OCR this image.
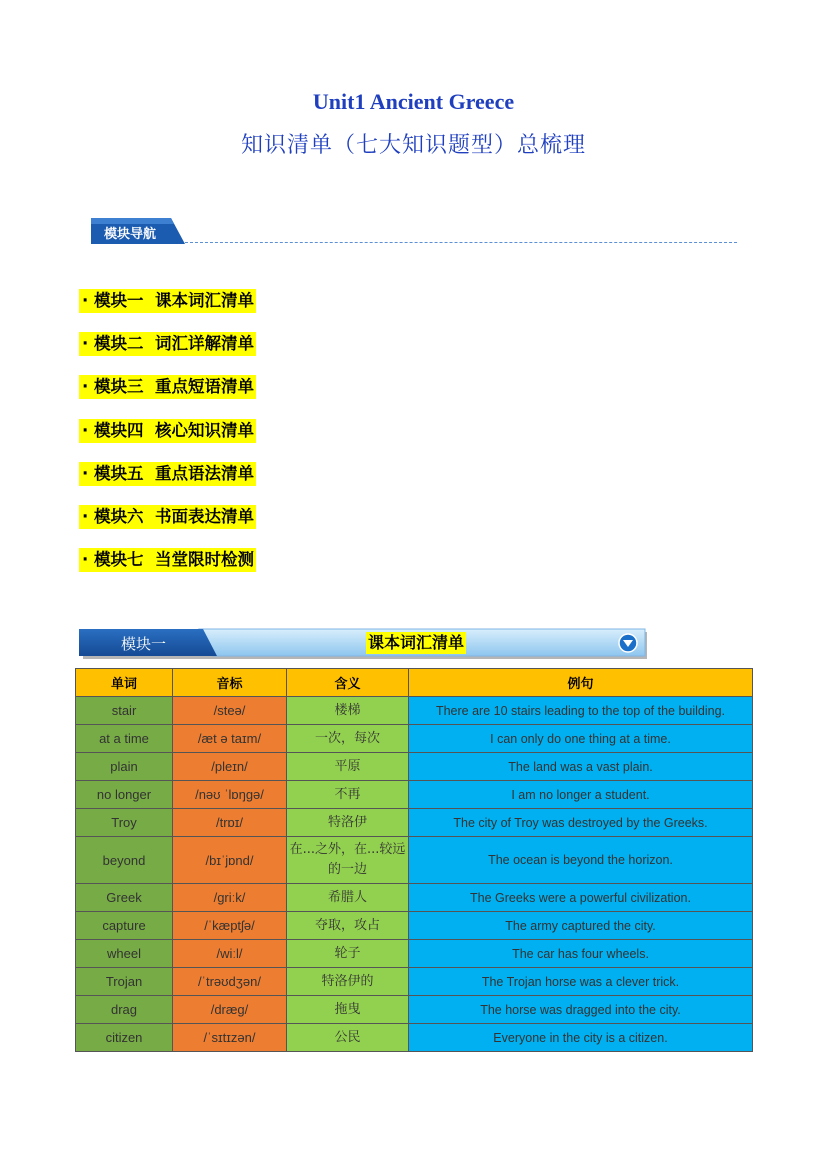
Unit1 Ancient Greece
知识清单（七大知识题型）总梳理
模块导航
· 模块一  课本词汇清单
· 模块二  词汇详解清单
· 模块三  重点短语清单
· 模块四  核心知识清单
· 模块五  重点语法清单
· 模块六  书面表达清单
· 模块七  当堂限时检测
模块一	课本词汇清单
单词	音标	含义	例句
stair	/steə/	楼梯	There are 10 stairs leading to the top of the building.
at a time	/æt ə taɪm/	一次，每次	I can only do one thing at a time.
plain	/pleɪn/	平原	The land was a vast plain.
no longer	/nəʊ ˈlɒŋɡə/	不再	I am no longer a student.
Troy	/trɒɪ/	特洛伊	The city of Troy was destroyed by the Greeks.
beyond	/bɪˈjɒnd/	在...之外，在...较远的一边	The ocean is beyond the horizon.
Greek	/ɡriːk/	希腊人	The Greeks were a powerful civilization.
capture	/ˈkæptʃə/	夺取，攻占	The army captured the city.
wheel	/wiːl/	轮子	The car has four wheels.
Trojan	/ˈtrəʊdʒən/	特洛伊的	The Trojan horse was a clever trick.
drag	/dræɡ/	拖曳	The horse was dragged into the city.
citizen	/ˈsɪtɪzən/	公民	Everyone in the city is a citizen.
